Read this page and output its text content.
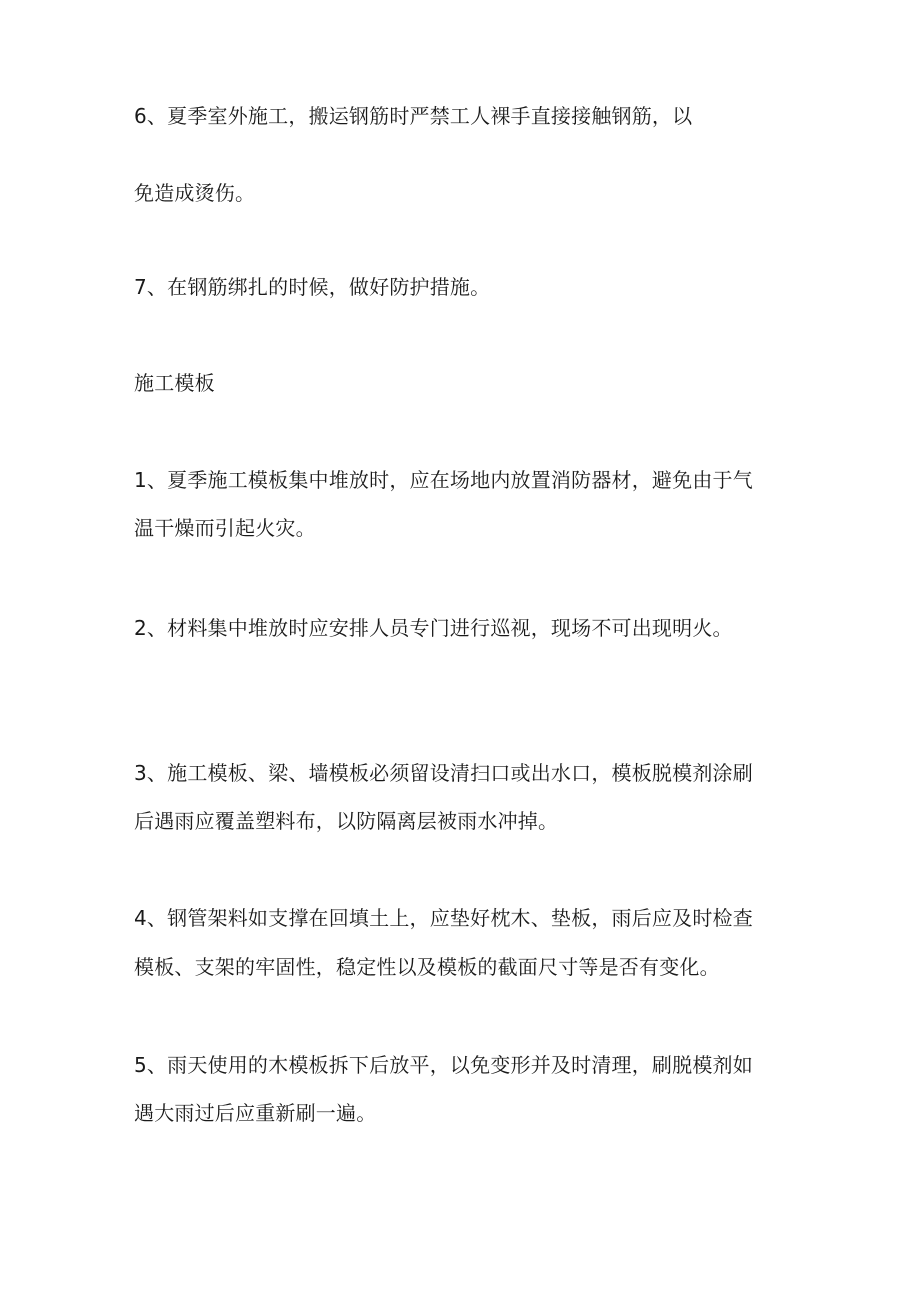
6、夏季室外施工，搬运钢筋时严禁工人裸手直接接触钢筋，以

免造成烫伤。

7、在钢筋绑扎的时候，做好防护措施。

施工模板

1、夏季施工模板集中堆放时，应在场地内放置消防器材，避免由于气

温干燥而引起火灾。

2、材料集中堆放时应安排人员专门进行巡视，现场不可出现明火。

3、施工模板、梁、墙模板必须留设清扫口或出水口，模板脱模剂涂刷

后遇雨应覆盖塑料布，以防隔离层被雨水冲掉。

4、钢管架料如支撑在回填土上，应垫好枕木、垫板，雨后应及时检查

模板、支架的牢固性，稳定性以及模板的截面尺寸等是否有变化。

5、雨天使用的木模板拆下后放平，以免变形并及时清理，刷脱模剂如

遇大雨过后应重新刷一遍。
